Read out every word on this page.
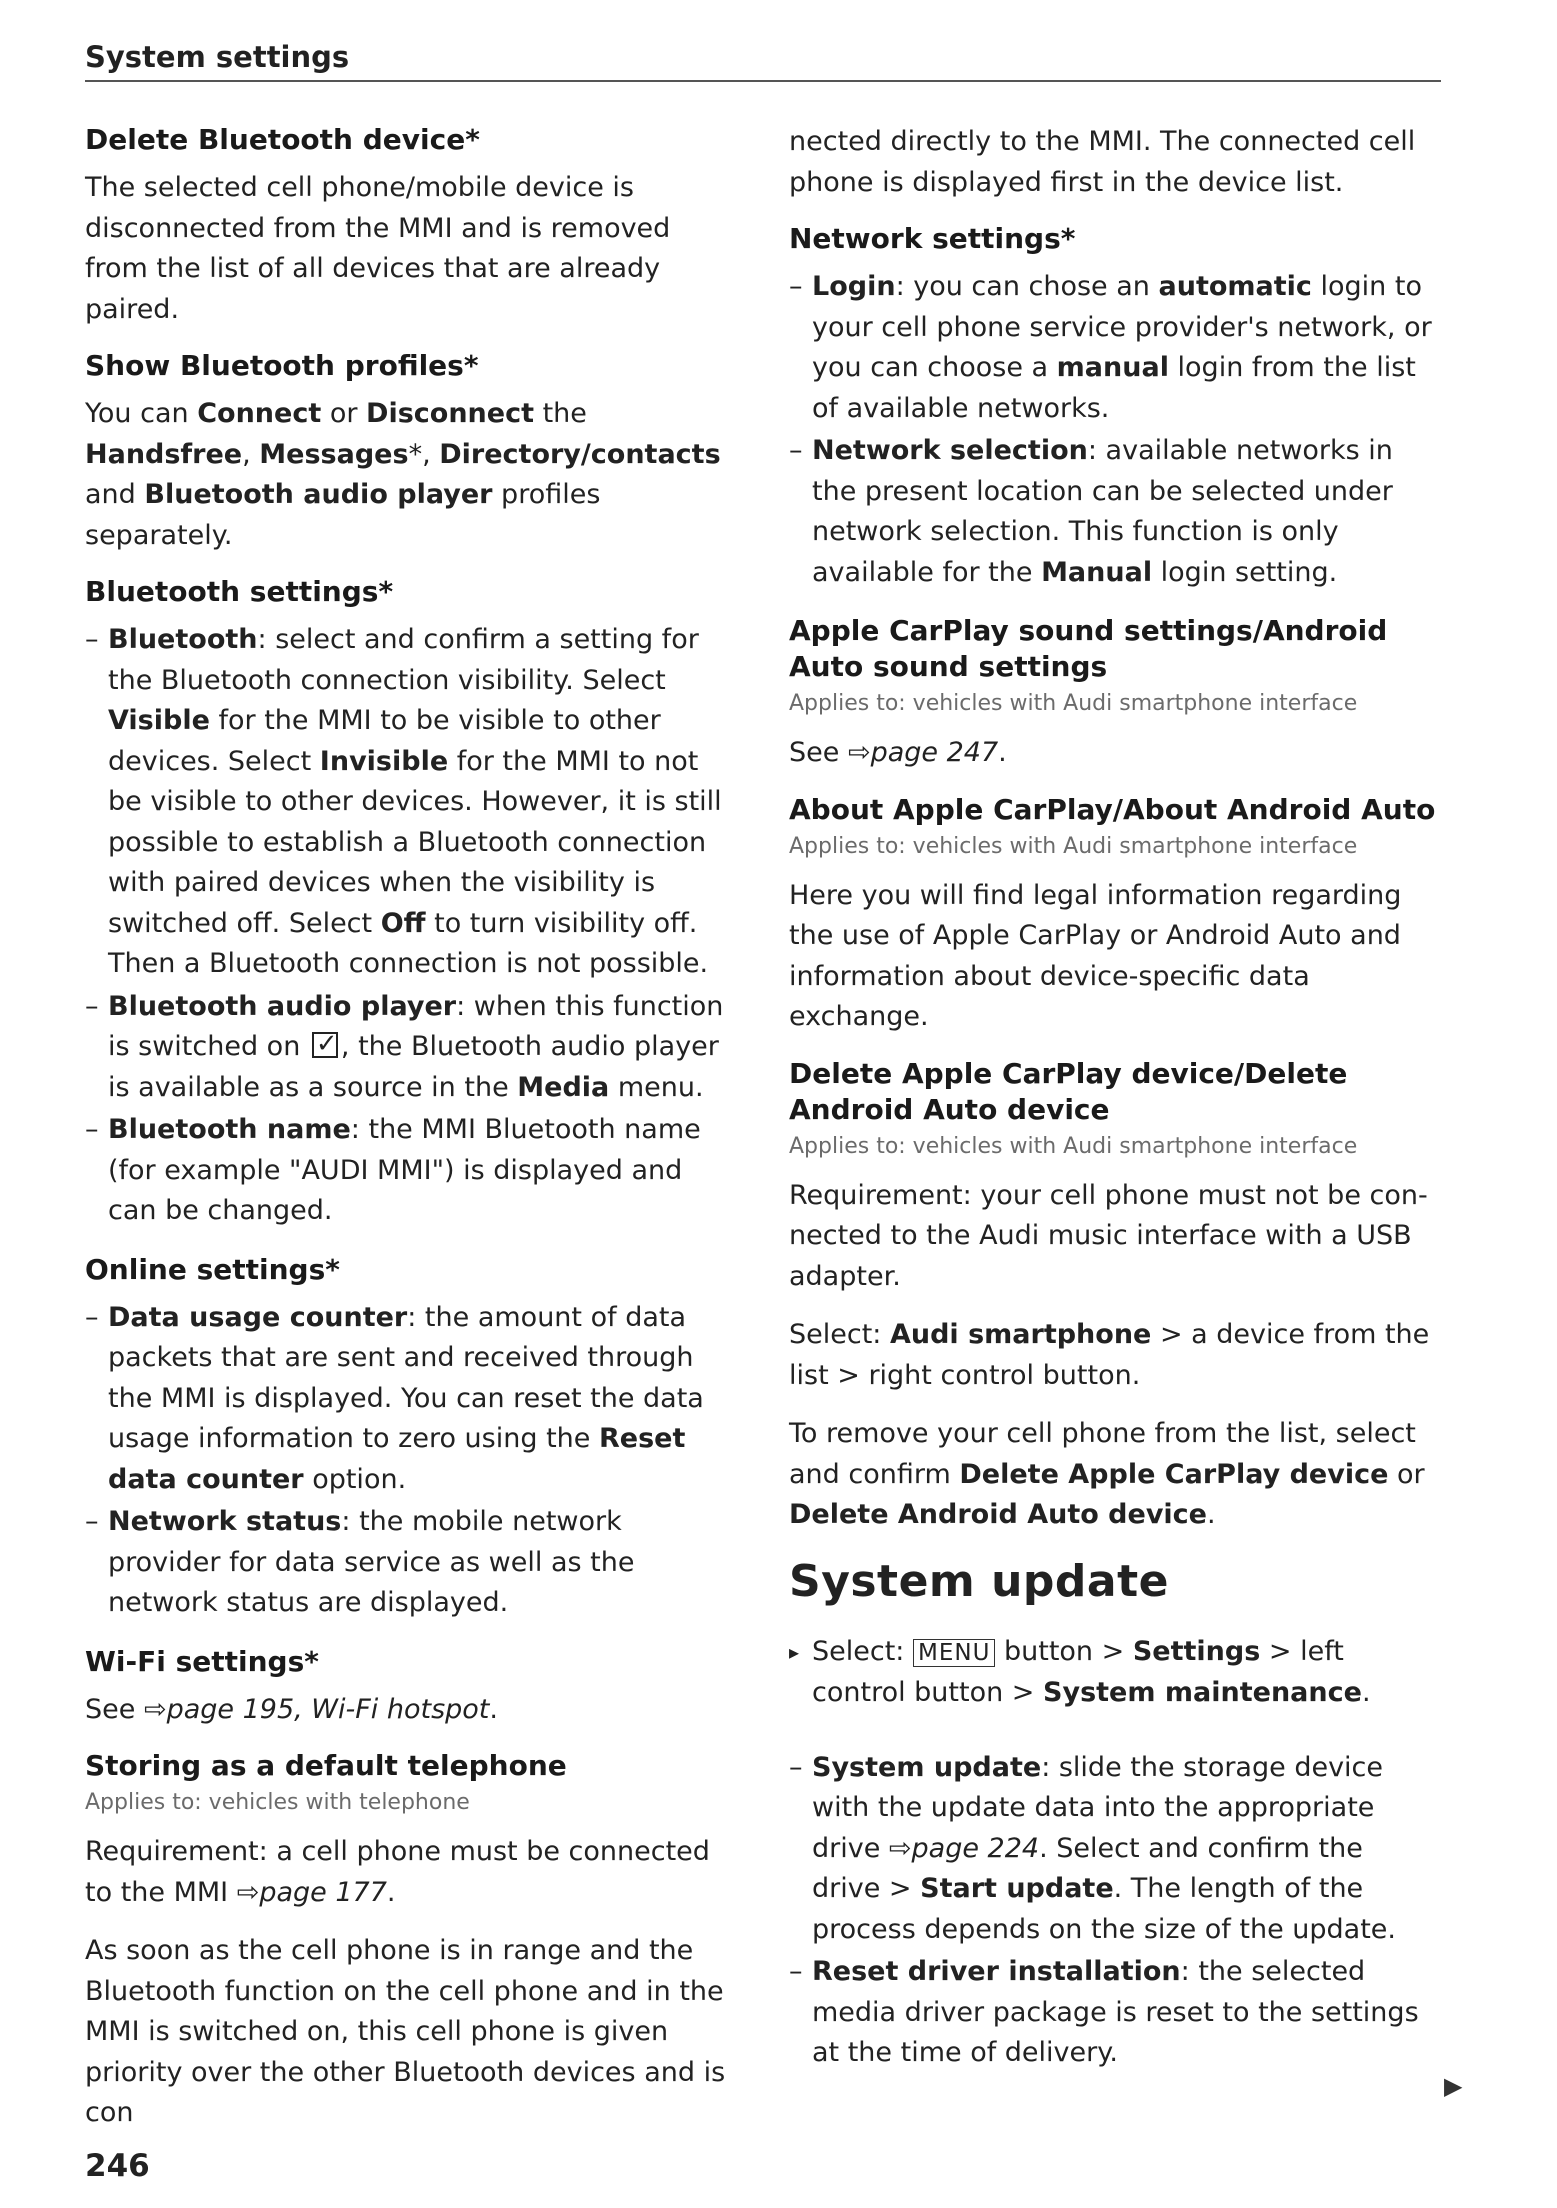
System settings
Delete Bluetooth device*

The selected cell phone/mobile device is disconnected from the MMI and is removed from the list of all devices that are already paired.

Show Bluetooth profiles*

You can Connect or Disconnect the Handsfree, Messages*, Directory/contacts and Bluetooth audio player profiles separately.

Bluetooth settings*
– Bluetooth: select and confirm a setting for the Bluetooth connection visibility. Select Visible for the MMI to be visible to other devices. Select Invisible for the MMI to not be visible to other devices. However, it is still possible to establish a Bluetooth connection with paired devices when the visibility is switched off. Select Off to turn visibility off. Then a Bluetooth connection is not possible.
– Bluetooth audio player: when this function is switched on ✓, the Bluetooth audio player is available as a source in the Media menu.
– Bluetooth name: the MMI Bluetooth name (for example "AUDI MMI") is displayed and can be changed.
Online settings*
– Data usage counter: the amount of data packets that are sent and received through the MMI is displayed. You can reset the data usage information to zero using the Reset data counter option.
– Network status: the mobile network provider for data service as well as the network status are displayed.
Wi-Fi settings*

See ⇨page 195, Wi-Fi hotspot.

Storing as a default telephone
Applies to: vehicles with telephone

Requirement: a cell phone must be connected to the MMI ⇨page 177.

As soon as the cell phone is in range and the Bluetooth function on the cell phone and in the MMI is switched on, this cell phone is given priority over the other Bluetooth devices and is con

nected directly to the MMI. The connected cell phone is displayed first in the device list.

Network settings*
– Login: you can chose an automatic login to your cell phone service provider's network, or you can choose a manual login from the list of available networks.
– Network selection: available networks in the present location can be selected under network selection. This function is only available for the Manual login setting.
Apple CarPlay sound settings/Android Auto sound settings
Applies to: vehicles with Audi smartphone interface

See ⇨page 247.

About Apple CarPlay/About Android Auto
Applies to: vehicles with Audi smartphone interface

Here you will find legal information regarding the use of Apple CarPlay or Android Auto and information about device-specific data exchange.

Delete Apple CarPlay device/Delete Android Auto device
Applies to: vehicles with Audi smartphone interface

Requirement: your cell phone must not be connected to the Audi music interface with a USB adapter.

Select: Audi smartphone > a device from the list > right control button.

To remove your cell phone from the list, select and confirm Delete Apple CarPlay device or Delete Android Auto device.

System update
▸ Select: MENU button > Settings > left control button > System maintenance.
– System update: slide the storage device with the update data into the appropriate drive ⇨page 224. Select and confirm the drive > Start update. The length of the process depends on the size of the update.
– Reset driver installation: the selected media driver package is reset to the settings at the time of delivery.
▶
246
